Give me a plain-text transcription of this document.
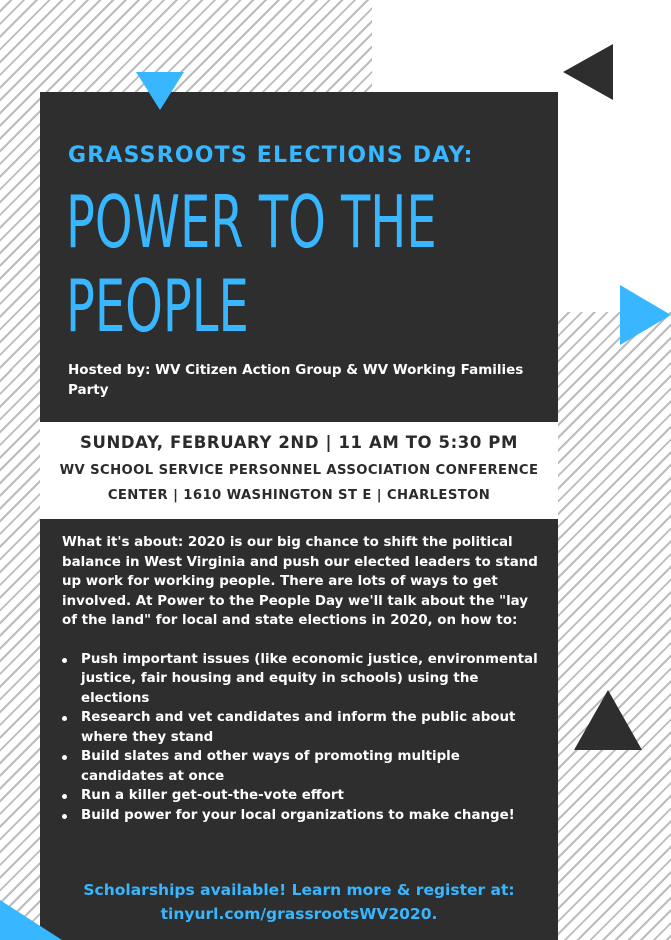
GRASSROOTS ELECTIONS DAY:
POWER TO THE
PEOPLE
Hosted by: WV Citizen Action Group & WV Working Families Party
SUNDAY, FEBRUARY 2ND | 11 AM TO 5:30 PM
WV SCHOOL SERVICE PERSONNEL ASSOCIATION CONFERENCE
CENTER | 1610 WASHINGTON ST E | CHARLESTON
What it's about: 2020 is our big chance to shift the political balance in West Virginia and push our elected leaders to stand up work for working people. There are lots of ways to get involved. At Power to the People Day we'll talk about the "lay of the land" for local and state elections in 2020, on how to:
Push important issues (like economic justice, environmental justice, fair housing and equity in schools) using the elections
Research and vet candidates and inform the public about where they stand
Build slates and other ways of promoting multiple candidates at once
Run a killer get-out-the-vote effort
Build power for your local organizations to make change!
Scholarships available! Learn more & register at:
tinyurl.com/grassrootsWV2020.
